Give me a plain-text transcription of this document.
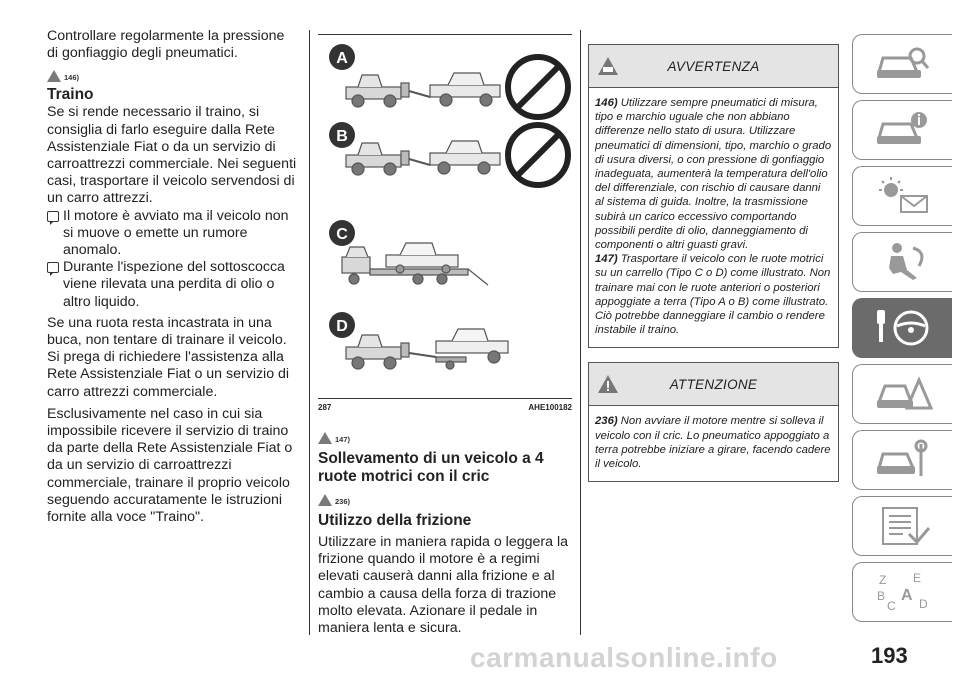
Controllare regolarmente la pressione di gonfiaggio degli pneumatici.

146)
Traino

Se si rende necessario il traino, si consiglia di farlo eseguire dalla Rete Assistenziale Fiat o da un servizio di carroattrezzi commerciale. Nei seguenti casi, trasportare il veicolo servendosi di un carro attrezzi.

Il motore è avviato ma il veicolo non si muove o emette un rumore anomalo.

Durante l'ispezione del sottoscocca viene rilevata una perdita di olio o altro liquido.

Se una ruota resta incastrata in una buca, non tentare di trainare il veicolo. Si prega di richiedere l'assistenza alla Rete Assistenziale Fiat o un servizio di carro attrezzi commerciale.

Esclusivamente nel caso in cui sia impossibile ricevere il servizio di traino da parte della Rete Assistenziale Fiat o da un servizio di carroattrezzi commerciale, trainare il proprio veicolo seguendo accuratamente le istruzioni fornite alla voce "Traino".

A
B
C
D
287	AHE100182
147)
Sollevamento di un veicolo a 4 ruote motrici con il cric
236)
Utilizzo della frizione

Utilizzare in maniera rapida o leggera la frizione quando il motore è a regimi elevati causerà danni alla frizione e al cambio a causa della forza di trazione molto elevata. Azionare il pedale in maniera lenta e sicura.

AVVERTENZA
146) Utilizzare sempre pneumatici di misura, tipo e marchio uguale che non abbiano differenze nello stato di usura. Utilizzare pneumatici di dimensioni, tipo, marchio o grado di usura diversi, o con pressione di gonfiaggio inadeguata, aumenterà la temperatura dell'olio del differenziale, con rischio di causare danni al sistema di guida. Inoltre, la trasmissione subirà un carico eccessivo comportando possibili perdite di olio, danneggiamento di componenti o altri guasti gravi.
147) Trasportare il veicolo con le ruote motrici su un carrello (Tipo C o D) come illustrato. Non trainare mai con le ruote anteriori o posteriori appoggiate a terra (Tipo A o B) come illustrato. Ciò potrebbe danneggiare il cambio o rendere instabile il traino.
ATTENZIONE
236) Non avviare il motore mentre si solleva il veicolo con il cric. Lo pneumatico appoggiato a terra potrebbe iniziare a girare, facendo cadere il veicolo.
Z E
A
B
C D
193
carmanualsonline.info
